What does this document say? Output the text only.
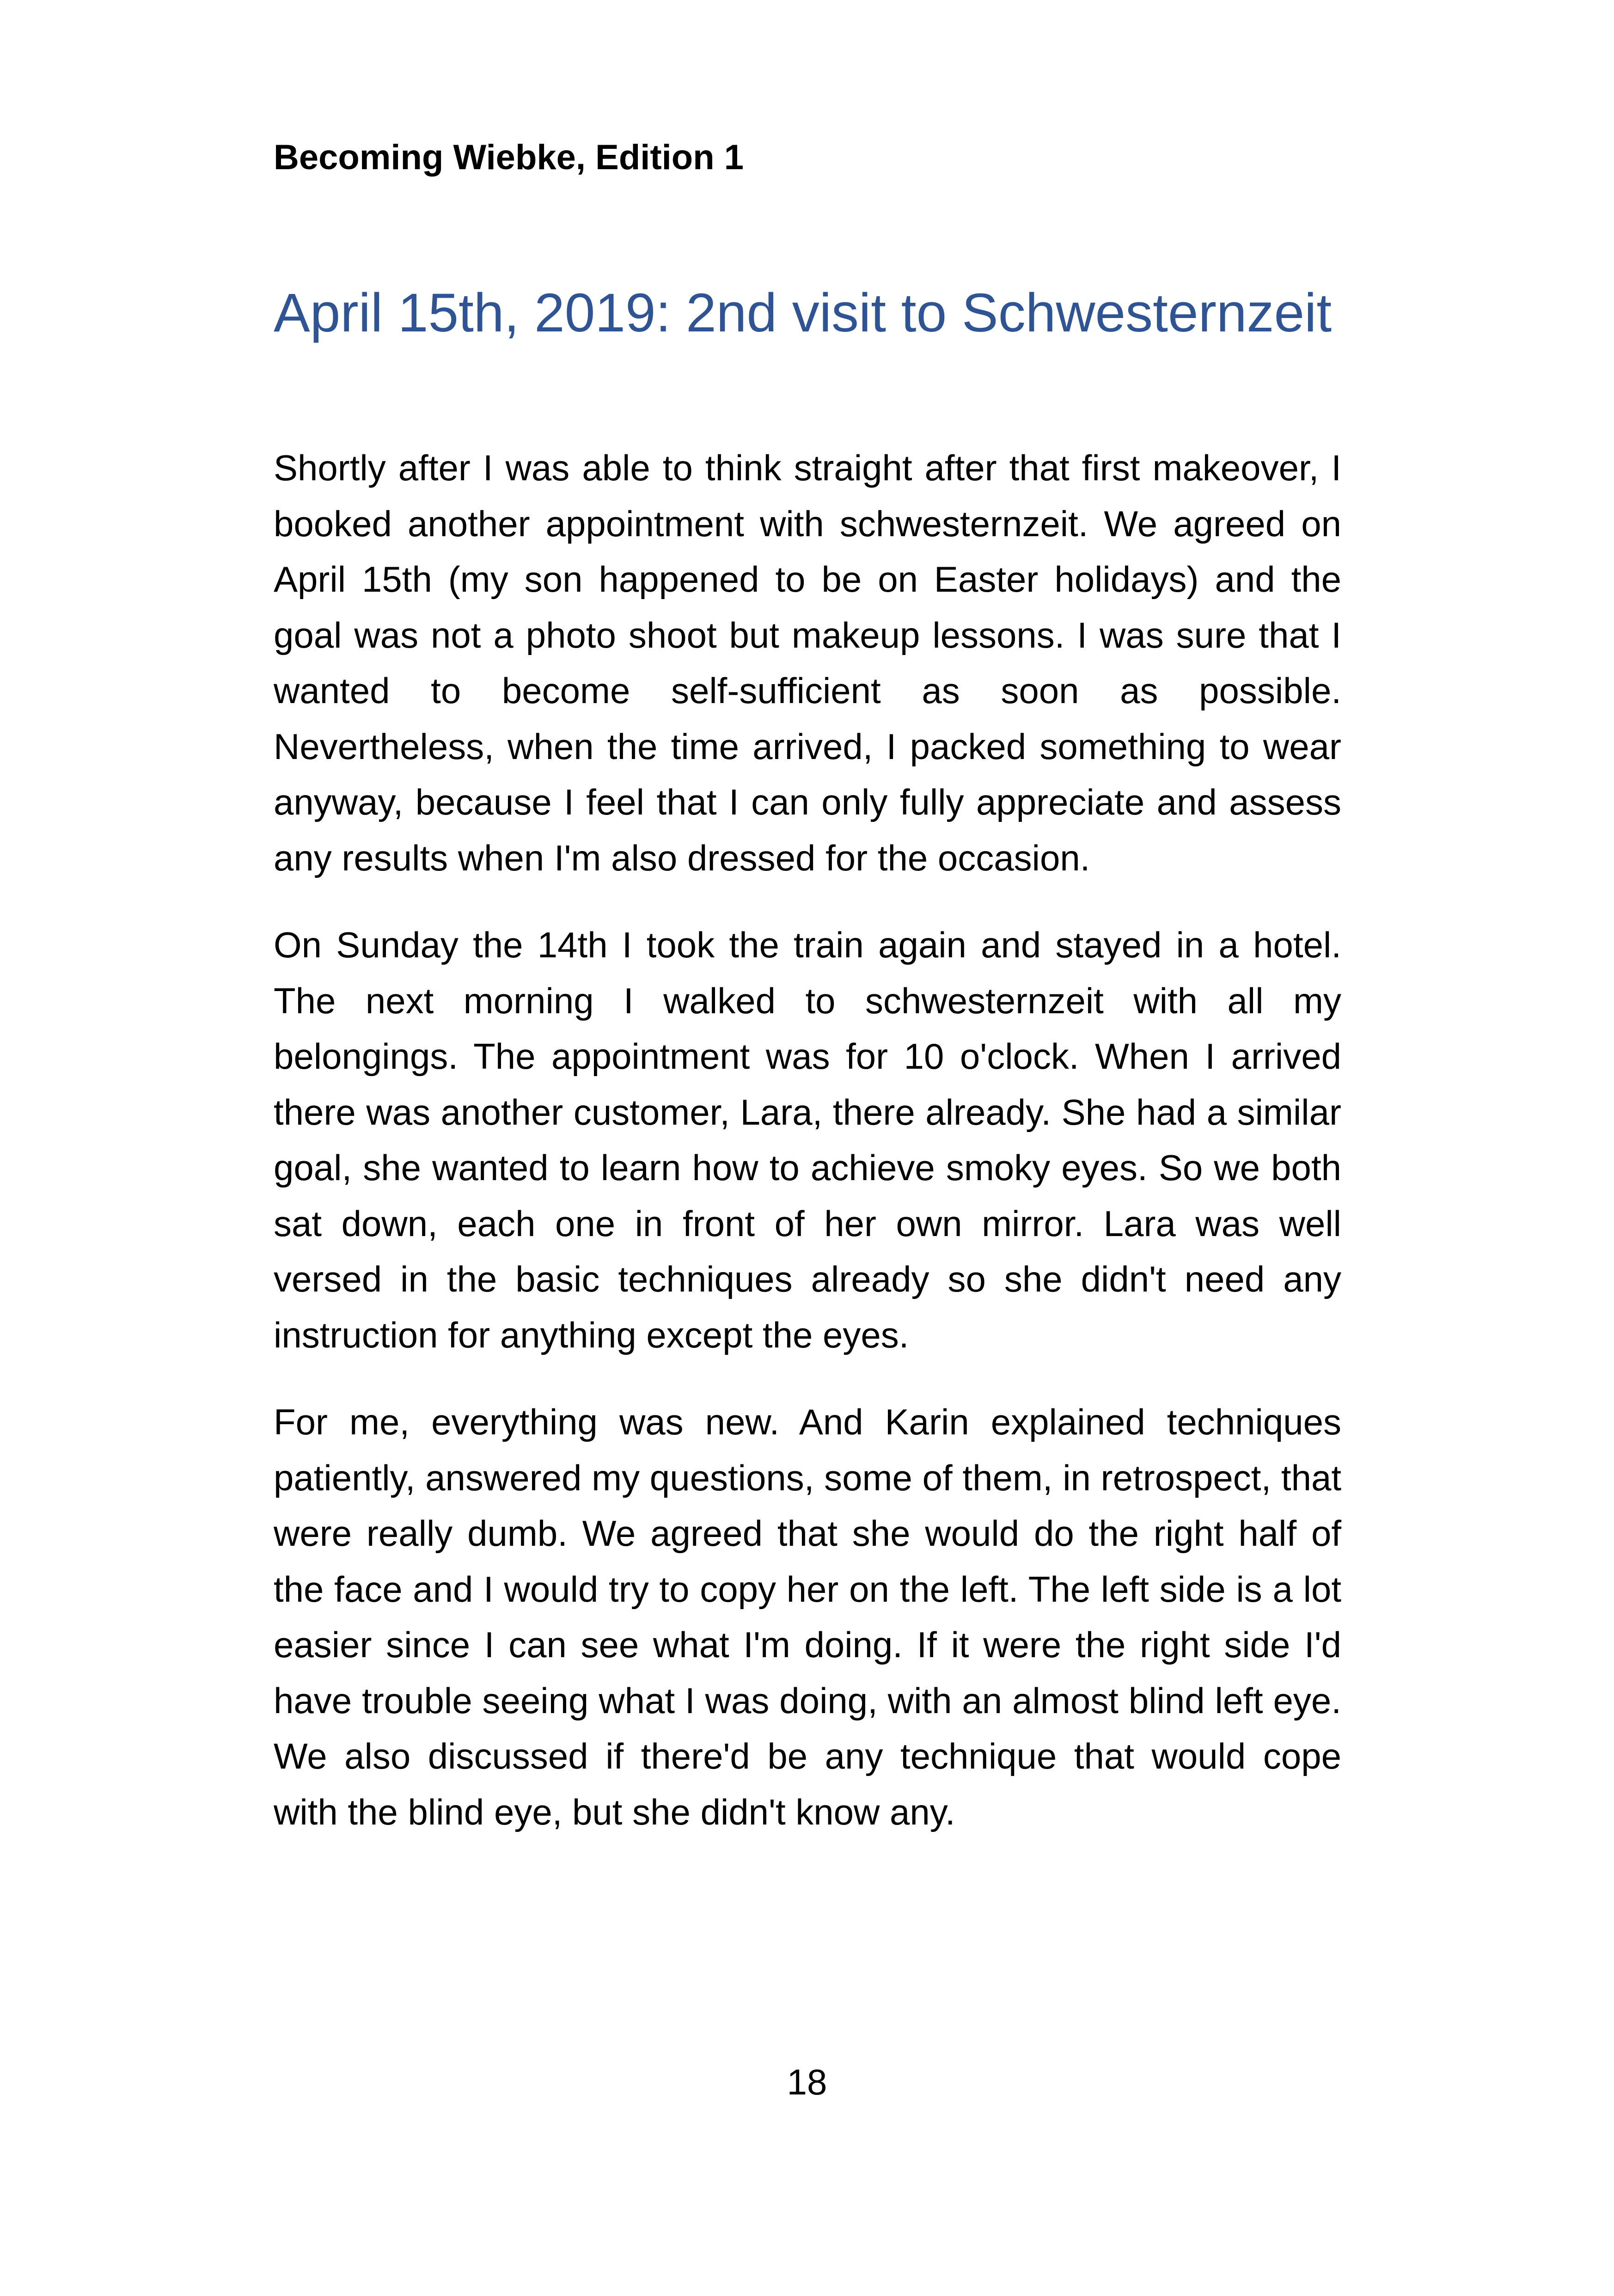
Becoming Wiebke, Edition 1
April 15th, 2019: 2nd visit to Schwesternzeit

Shortly after I was able to think straight after that first makeover, I booked another appointment with schwesternzeit. We agreed on April 15th (my son happened to be on Easter holidays) and the goal was not a photo shoot but makeup lessons. I was sure that I wanted to become self-sufficient as soon as possible. Nevertheless, when the time arrived, I packed something to wear anyway, because I feel that I can only fully appreciate and assess any results when I'm also dressed for the occasion.

On Sunday the 14th I took the train again and stayed in a hotel. The next morning I walked to schwesternzeit with all my belongings. The appointment was for 10 o'clock. When I arrived there was another customer, Lara, there already. She had a similar goal, she wanted to learn how to achieve smoky eyes. So we both sat down, each one in front of her own mirror. Lara was well versed in the basic techniques already so she didn't need any instruction for anything except the eyes.

For me, everything was new. And Karin explained techniques patiently, answered my questions, some of them, in retrospect, that were really dumb. We agreed that she would do the right half of the face and I would try to copy her on the left. The left side is a lot easier since I can see what I'm doing. If it were the right side I'd have trouble seeing what I was doing, with an almost blind left eye. We also discussed if there'd be any technique that would cope with the blind eye, but she didn't know any.

18
